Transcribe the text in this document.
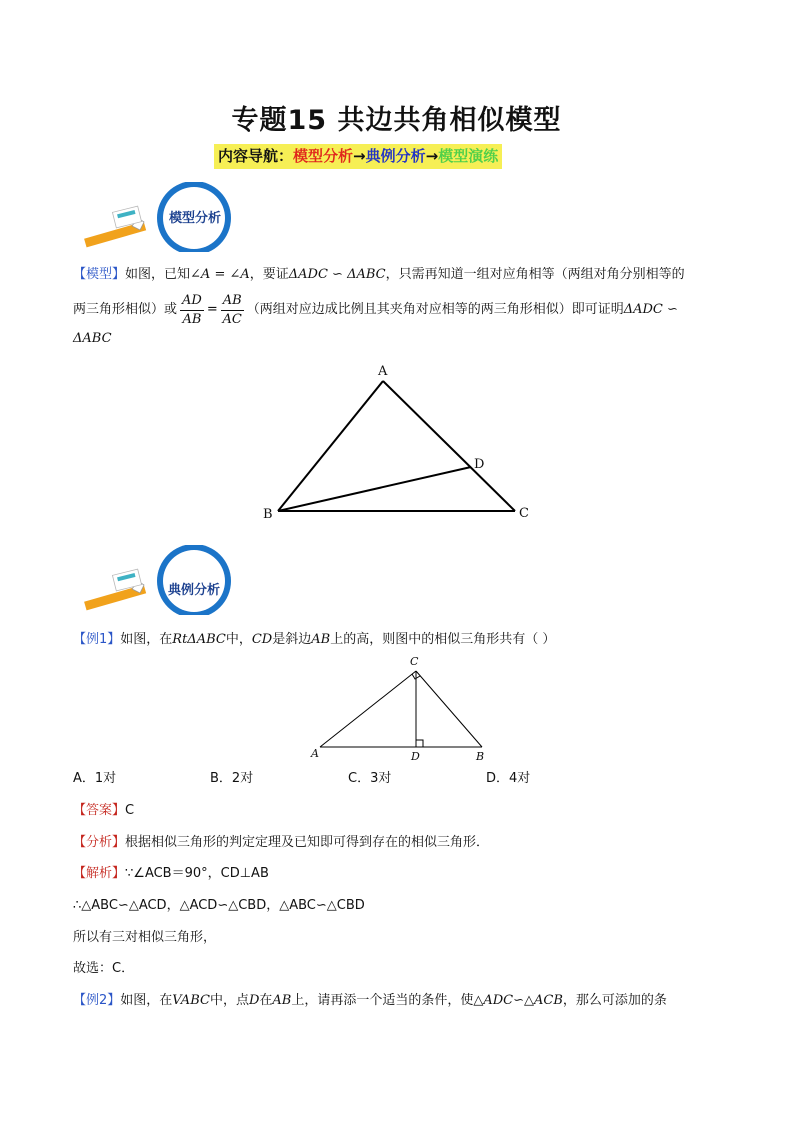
专题15 共边共角相似模型
内容导航：模型分析→典例分析→模型演练
模型分析
【模型】如图，已知∠A = ∠A，要证ΔADC ∽ ΔABC，只需再知道一组对应角相等（两组对角分别相等的
两三角形相似）或 $\frac{AD}{AB} = \frac{AB}{AC}$ （两组对应边成比例且其夹角对应相等的两三角形相似）即可证明 ΔADC ∽
ΔABC
A
B	C
D
典例分析
【例1】如图，在RtΔABC中，CD是斜边AB上的高，则图中的相似三角形共有（ ）
C
A	D	B
A．1对	B．2对	C．3对	D．4对
【答案】C
【分析】根据相似三角形的判定定理及已知即可得到存在的相似三角形．
【解析】∵∠ACB＝90°，CD⊥AB
∴△ABC∽△ACD，△ACD∽△CBD，△ABC∽△CBD
所以有三对相似三角形，
故选：C．
【例2】如图，在VABC中，点D在AB上，请再添一个适当的条件，使△ADC∽△ACB，那么可添加的条
